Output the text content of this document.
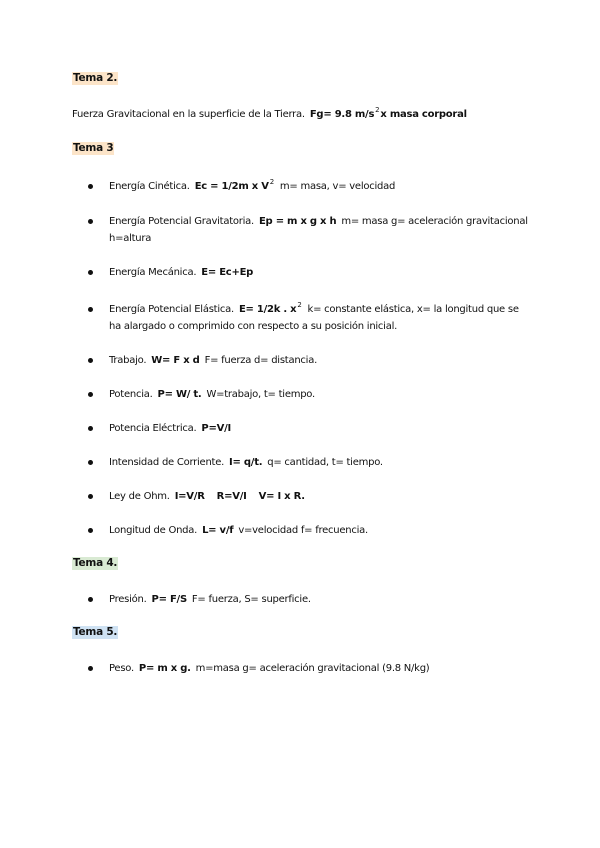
Tema 2.
Fuerza Gravitacional en la superficie de la Tierra. Fg= 9.8 $m/s^2x$ masa corporal
Tema 3
Energía Cinética. Ec = 1/2m x $V^2$ m= masa, v= velocidad
Energía Potencial Gravitatoria. Ep = m x g x h m= masa g= aceleración gravitacional h=altura
Energía Mecánica. E= Ec+Ep
Energía Potencial Elástica. E= 1/2k . $x^2$ k= constante elástica, x= la longitud que se ha alargado o comprimido con respecto a su posición inicial.
Trabajo. W= F x d F= fuerza d= distancia.
Potencia. P= W/ t. W=trabajo, t= tiempo.
Potencia Eléctrica. P=V/I
Intensidad de Corriente. I= q/t. q= cantidad, t= tiempo.
Ley de Ohm. I=V/R R=V/I V= I x R.
Longitud de Onda. L= v/f v=velocidad f= frecuencia.
Tema 4.
Presión. P= F/S F= fuerza, S= superficie.
Tema 5.
Peso. P= m x g. m=masa g= aceleración gravitacional (9.8 N/kg)
